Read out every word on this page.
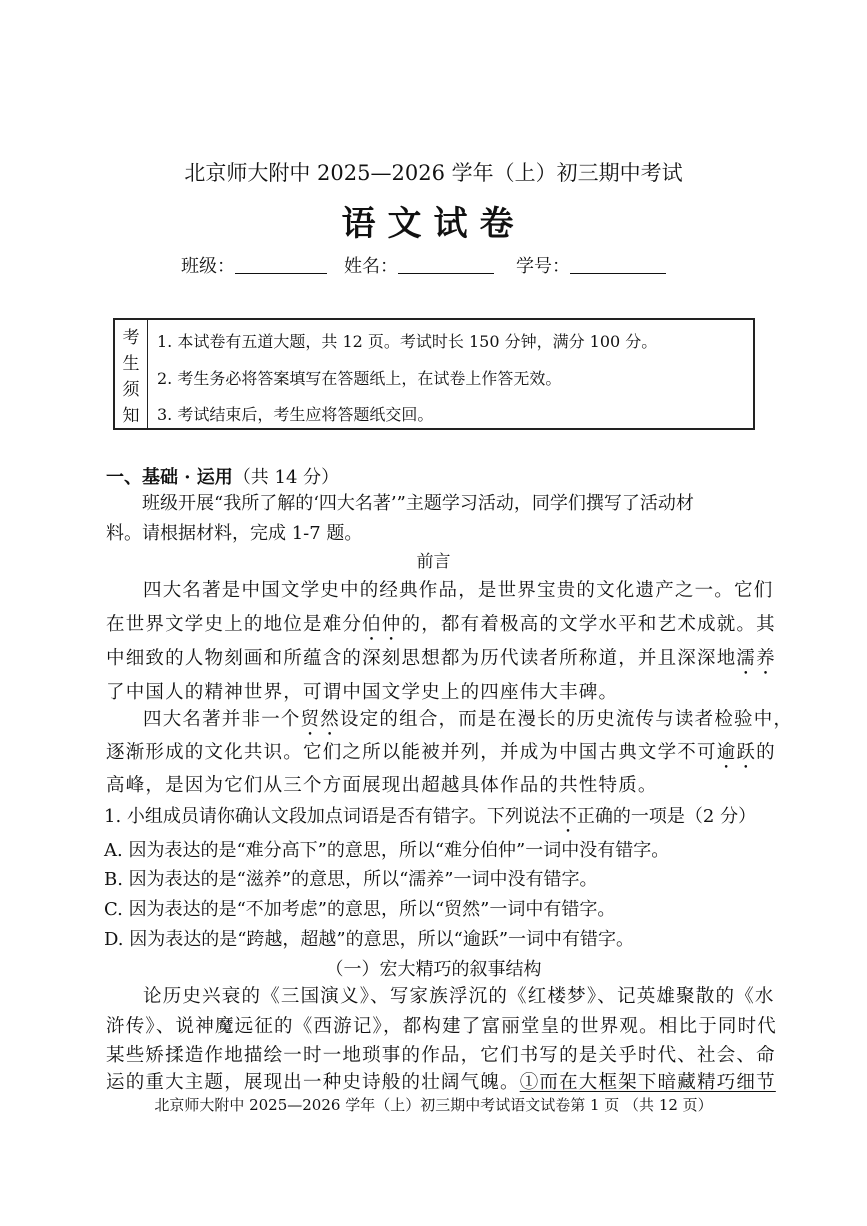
北京师大附中 2025—2026 学年（上）初三期中考试
语文试卷
班级：	姓名：	学号：
考
生
须
知
1. 本试卷有五道大题，共 12 页。考试时长 150 分钟，满分 100 分。
2. 考生务必将答案填写在答题纸上，在试卷上作答无效。
3. 考试结束后，考生应将答题纸交回。
一、基础 · 运用（共 14 分）
班级开展“我所了解的‘四大名著’”主题学习活动，同学们撰写了活动材
料。请根据材料，完成 1-7 题。
前言
四大名著是中国文学史中的经典作品，是世界宝贵的文化遗产之一。它们
在世界文学史上的地位是难分伯仲的，都有着极高的文学水平和艺术成就。其
中细致的人物刻画和所蕴含的深刻思想都为历代读者所称道，并且深深地濡养
了中国人的精神世界，可谓中国文学史上的四座伟大丰碑。
四大名著并非一个贸然设定的组合，而是在漫长的历史流传与读者检验中，
逐渐形成的文化共识。它们之所以能被并列，并成为中国古典文学不可逾跃的
高峰，是因为它们从三个方面展现出超越具体作品的共性特质。
1. 小组成员请你确认文段加点词语是否有错字。下列说法不正确的一项是（2 分）
A. 因为表达的是“难分高下”的意思，所以“难分伯仲”一词中没有错字。
B. 因为表达的是“滋养”的意思，所以“濡养”一词中没有错字。
C. 因为表达的是“不加考虑”的意思，所以“贸然”一词中有错字。
D. 因为表达的是“跨越，超越”的意思，所以“逾跃”一词中有错字。
（一）宏大精巧的叙事结构
论历史兴衰的《三国演义》、写家族浮沉的《红楼梦》、记英雄聚散的《水
浒传》、说神魔远征的《西游记》，都构建了富丽堂皇的世界观。相比于同时代
某些矫揉造作地描绘一时一地琐事的作品，它们书写的是关乎时代、社会、命
运的重大主题，展现出一种史诗般的壮阔气魄。①而在大框架下暗藏精巧细节
北京师大附中 2025—2026 学年（上）初三期中考试语文试卷第 1 页 （共 12 页）
